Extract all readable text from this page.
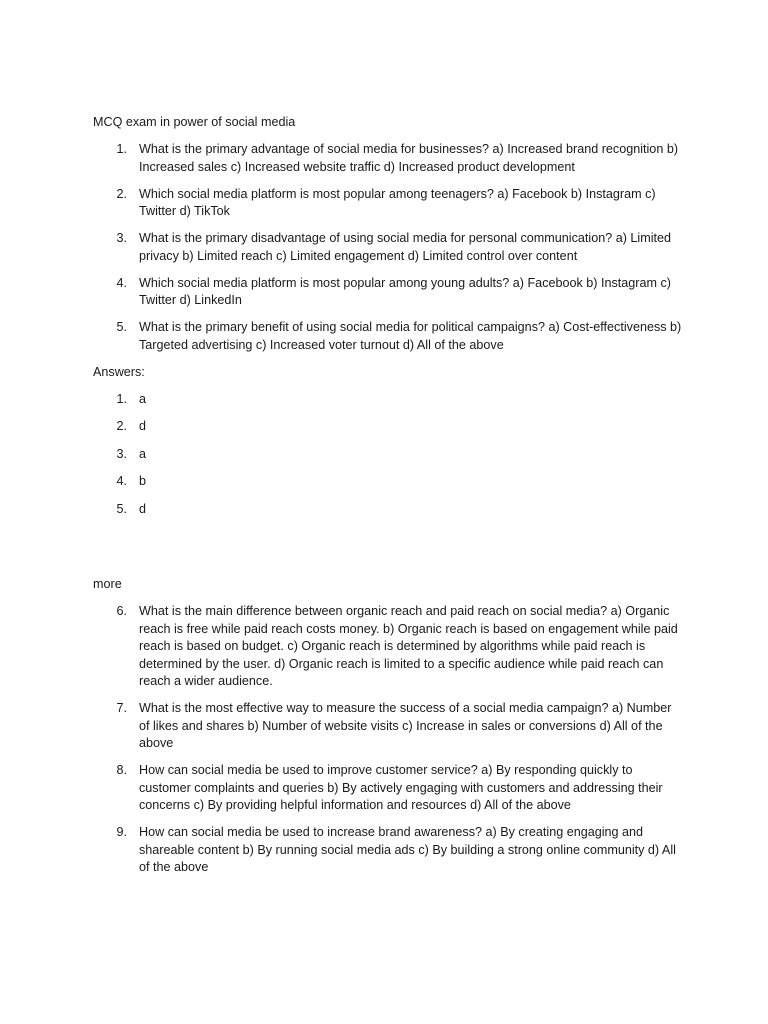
MCQ exam in power of social media

1. What is the primary advantage of social media for businesses? a) Increased brand recognition b) Increased sales c) Increased website traffic d) Increased product development
2. Which social media platform is most popular among teenagers? a) Facebook b) Instagram c) Twitter d) TikTok
3. What is the primary disadvantage of using social media for personal communication? a) Limited privacy b) Limited reach c) Limited engagement d) Limited control over content
4. Which social media platform is most popular among young adults? a) Facebook b) Instagram c) Twitter d) LinkedIn
5. What is the primary benefit of using social media for political campaigns? a) Cost-effectiveness b) Targeted advertising c) Increased voter turnout d) All of the above

Answers:

1. a
2. d
3. a
4. b
5. d

more

6. What is the main difference between organic reach and paid reach on social media? a) Organic reach is free while paid reach costs money. b) Organic reach is based on engagement while paid reach is based on budget. c) Organic reach is determined by algorithms while paid reach is determined by the user. d) Organic reach is limited to a specific audience while paid reach can reach a wider audience.
7. What is the most effective way to measure the success of a social media campaign? a) Number of likes and shares b) Number of website visits c) Increase in sales or conversions d) All of the above
8. How can social media be used to improve customer service? a) By responding quickly to customer complaints and queries b) By actively engaging with customers and addressing their concerns c) By providing helpful information and resources d) All of the above
9. How can social media be used to increase brand awareness? a) By creating engaging and shareable content b) By running social media ads c) By building a strong online community d) All of the above
